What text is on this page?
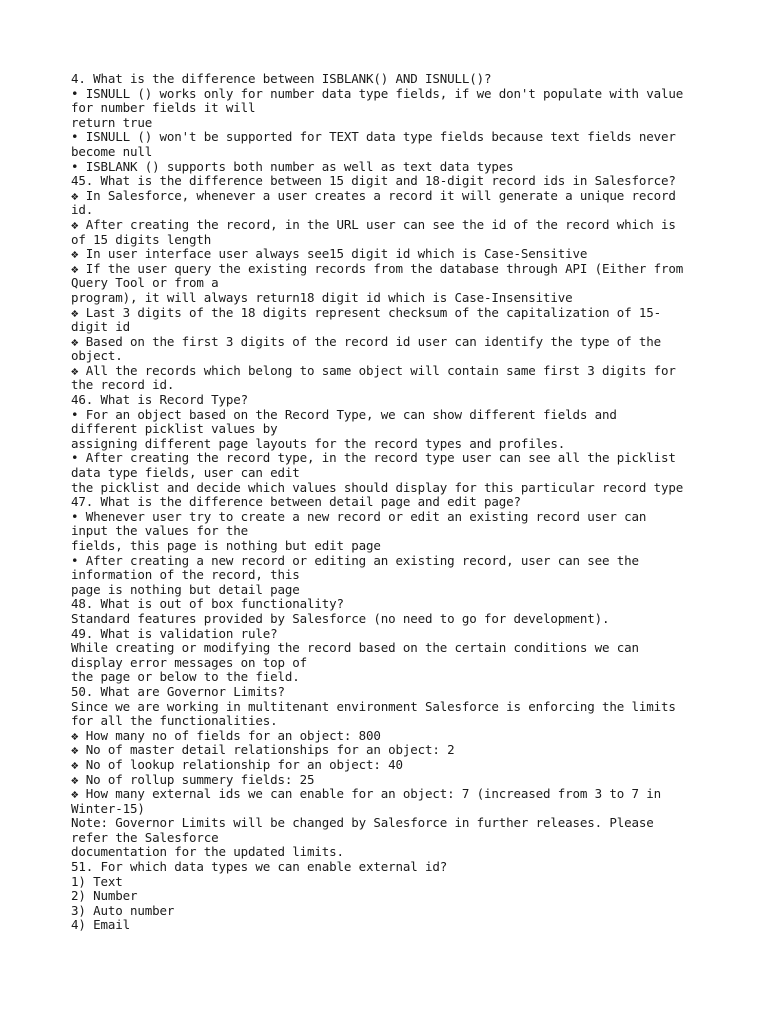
4. What is the difference between ISBLANK() AND ISNULL()?
• ISNULL () works only for number data type fields, if we don't populate with value
for number fields it will
return true
• ISNULL () won't be supported for TEXT data type fields because text fields never
become null
• ISBLANK () supports both number as well as text data types
45. What is the difference between 15 digit and 18-digit record ids in Salesforce?
❖ In Salesforce, whenever a user creates a record it will generate a unique record
id.
❖ After creating the record, in the URL user can see the id of the record which is
of 15 digits length
❖ In user interface user always see15 digit id which is Case-Sensitive
❖ If the user query the existing records from the database through API (Either from
Query Tool or from a
program), it will always return18 digit id which is Case-Insensitive
❖ Last 3 digits of the 18 digits represent checksum of the capitalization of 15-
digit id
❖ Based on the first 3 digits of the record id user can identify the type of the
object.
❖ All the records which belong to same object will contain same first 3 digits for
the record id.
46. What is Record Type?
• For an object based on the Record Type, we can show different fields and
different picklist values by
assigning different page layouts for the record types and profiles.
• After creating the record type, in the record type user can see all the picklist
data type fields, user can edit
the picklist and decide which values should display for this particular record type
47. What is the difference between detail page and edit page?
• Whenever user try to create a new record or edit an existing record user can
input the values for the
fields, this page is nothing but edit page
• After creating a new record or editing an existing record, user can see the
information of the record, this
page is nothing but detail page
48. What is out of box functionality?
Standard features provided by Salesforce (no need to go for development).
49. What is validation rule?
While creating or modifying the record based on the certain conditions we can
display error messages on top of
the page or below to the field.
50. What are Governor Limits?
Since we are working in multitenant environment Salesforce is enforcing the limits
for all the functionalities.
❖ How many no of fields for an object: 800
❖ No of master detail relationships for an object: 2
❖ No of lookup relationship for an object: 40
❖ No of rollup summery fields: 25
❖ How many external ids we can enable for an object: 7 (increased from 3 to 7 in
Winter-15)
Note: Governor Limits will be changed by Salesforce in further releases. Please
refer the Salesforce
documentation for the updated limits.
51. For which data types we can enable external id?
1) Text
2) Number
3) Auto number
4) Email
